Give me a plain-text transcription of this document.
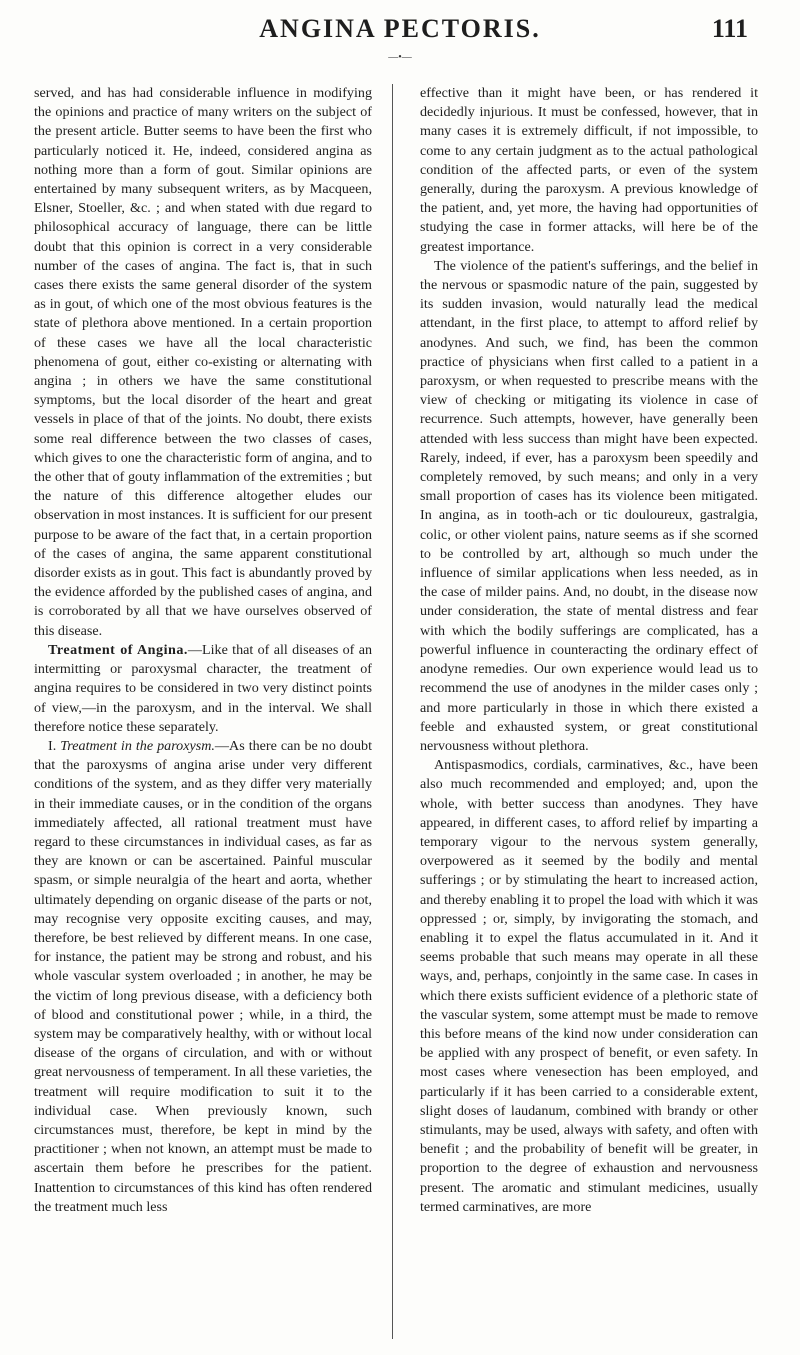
ANGINA PECTORIS.	111
—•—

served, and has had considerable influence in modifying the opinions and practice of many writers on the subject of the present article. Butter seems to have been the first who particularly noticed it. He, indeed, considered angina as nothing more than a form of gout. Similar opinions are entertained by many subsequent writers, as by Macqueen, Elsner, Stoeller, &c. ; and when stated with due regard to philosophical accuracy of language, there can be little doubt that this opinion is correct in a very considerable number of the cases of angina. The fact is, that in such cases there exists the same general disorder of the system as in gout, of which one of the most obvious features is the state of plethora above mentioned. In a certain proportion of these cases we have all the local characteristic phenomena of gout, either co-existing or alternating with angina ; in others we have the same constitutional symptoms, but the local disorder of the heart and great vessels in place of that of the joints. No doubt, there exists some real difference between the two classes of cases, which gives to one the characteristic form of angina, and to the other that of gouty inflammation of the extremities ; but the nature of this difference altogether eludes our observation in most instances. It is sufficient for our present purpose to be aware of the fact that, in a certain proportion of the cases of angina, the same apparent constitutional disorder exists as in gout. This fact is abundantly proved by the evidence afforded by the published cases of angina, and is corroborated by all that we have ourselves observed of this disease.

Treatment of Angina.—Like that of all diseases of an intermitting or paroxysmal character, the treatment of angina requires to be considered in two very distinct points of view,—in the paroxysm, and in the interval. We shall therefore notice these separately.

I. Treatment in the paroxysm.—As there can be no doubt that the paroxysms of angina arise under very different conditions of the system, and as they differ very materially in their immediate causes, or in the condition of the organs immediately affected, all rational treatment must have regard to these circumstances in individual cases, as far as they are known or can be ascertained. Painful muscular spasm, or simple neuralgia of the heart and aorta, whether ultimately depending on organic disease of the parts or not, may recognise very opposite exciting causes, and may, therefore, be best relieved by different means. In one case, for instance, the patient may be strong and robust, and his whole vascular system overloaded ; in another, he may be the victim of long previous disease, with a deficiency both of blood and constitutional power ; while, in a third, the system may be comparatively healthy, with or without local disease of the organs of circulation, and with or without great nervousness of temperament. In all these varieties, the treatment will require modification to suit it to the individual case. When previously known, such circumstances must, therefore, be kept in mind by the practitioner ; when not known, an attempt must be made to ascertain them before he prescribes for the patient. Inattention to circumstances of this kind has often rendered the treatment much less

effective than it might have been, or has rendered it decidedly injurious. It must be confessed, however, that in many cases it is extremely difficult, if not impossible, to come to any certain judgment as to the actual pathological condition of the affected parts, or even of the system generally, during the paroxysm. A previous knowledge of the patient, and, yet more, the having had opportunities of studying the case in former attacks, will here be of the greatest importance.

The violence of the patient's sufferings, and the belief in the nervous or spasmodic nature of the pain, suggested by its sudden invasion, would naturally lead the medical attendant, in the first place, to attempt to afford relief by anodynes. And such, we find, has been the common practice of physicians when first called to a patient in a paroxysm, or when requested to prescribe means with the view of checking or mitigating its violence in case of recurrence. Such attempts, however, have generally been attended with less success than might have been expected. Rarely, indeed, if ever, has a paroxysm been speedily and completely removed, by such means; and only in a very small proportion of cases has its violence been mitigated. In angina, as in tooth-ach or tic douloureux, gastralgia, colic, or other violent pains, nature seems as if she scorned to be controlled by art, although so much under the influence of similar applications when less needed, as in the case of milder pains. And, no doubt, in the disease now under consideration, the state of mental distress and fear with which the bodily sufferings are complicated, has a powerful influence in counteracting the ordinary effect of anodyne remedies. Our own experience would lead us to recommend the use of anodynes in the milder cases only ; and more particularly in those in which there existed a feeble and exhausted system, or great constitutional nervousness without plethora.

Antispasmodics, cordials, carminatives, &c., have been also much recommended and employed; and, upon the whole, with better success than anodynes. They have appeared, in different cases, to afford relief by imparting a temporary vigour to the nervous system generally, overpowered as it seemed by the bodily and mental sufferings ; or by stimulating the heart to increased action, and thereby enabling it to propel the load with which it was oppressed ; or, simply, by invigorating the stomach, and enabling it to expel the flatus accumulated in it. And it seems probable that such means may operate in all these ways, and, perhaps, conjointly in the same case. In cases in which there exists sufficient evidence of a plethoric state of the vascular system, some attempt must be made to remove this before means of the kind now under consideration can be applied with any prospect of benefit, or even safety. In most cases where venesection has been employed, and particularly if it has been carried to a considerable extent, slight doses of laudanum, combined with brandy or other stimulants, may be used, always with safety, and often with benefit ; and the probability of benefit will be greater, in proportion to the degree of exhaustion and nervousness present. The aromatic and stimulant medicines, usually termed carminatives, are more
